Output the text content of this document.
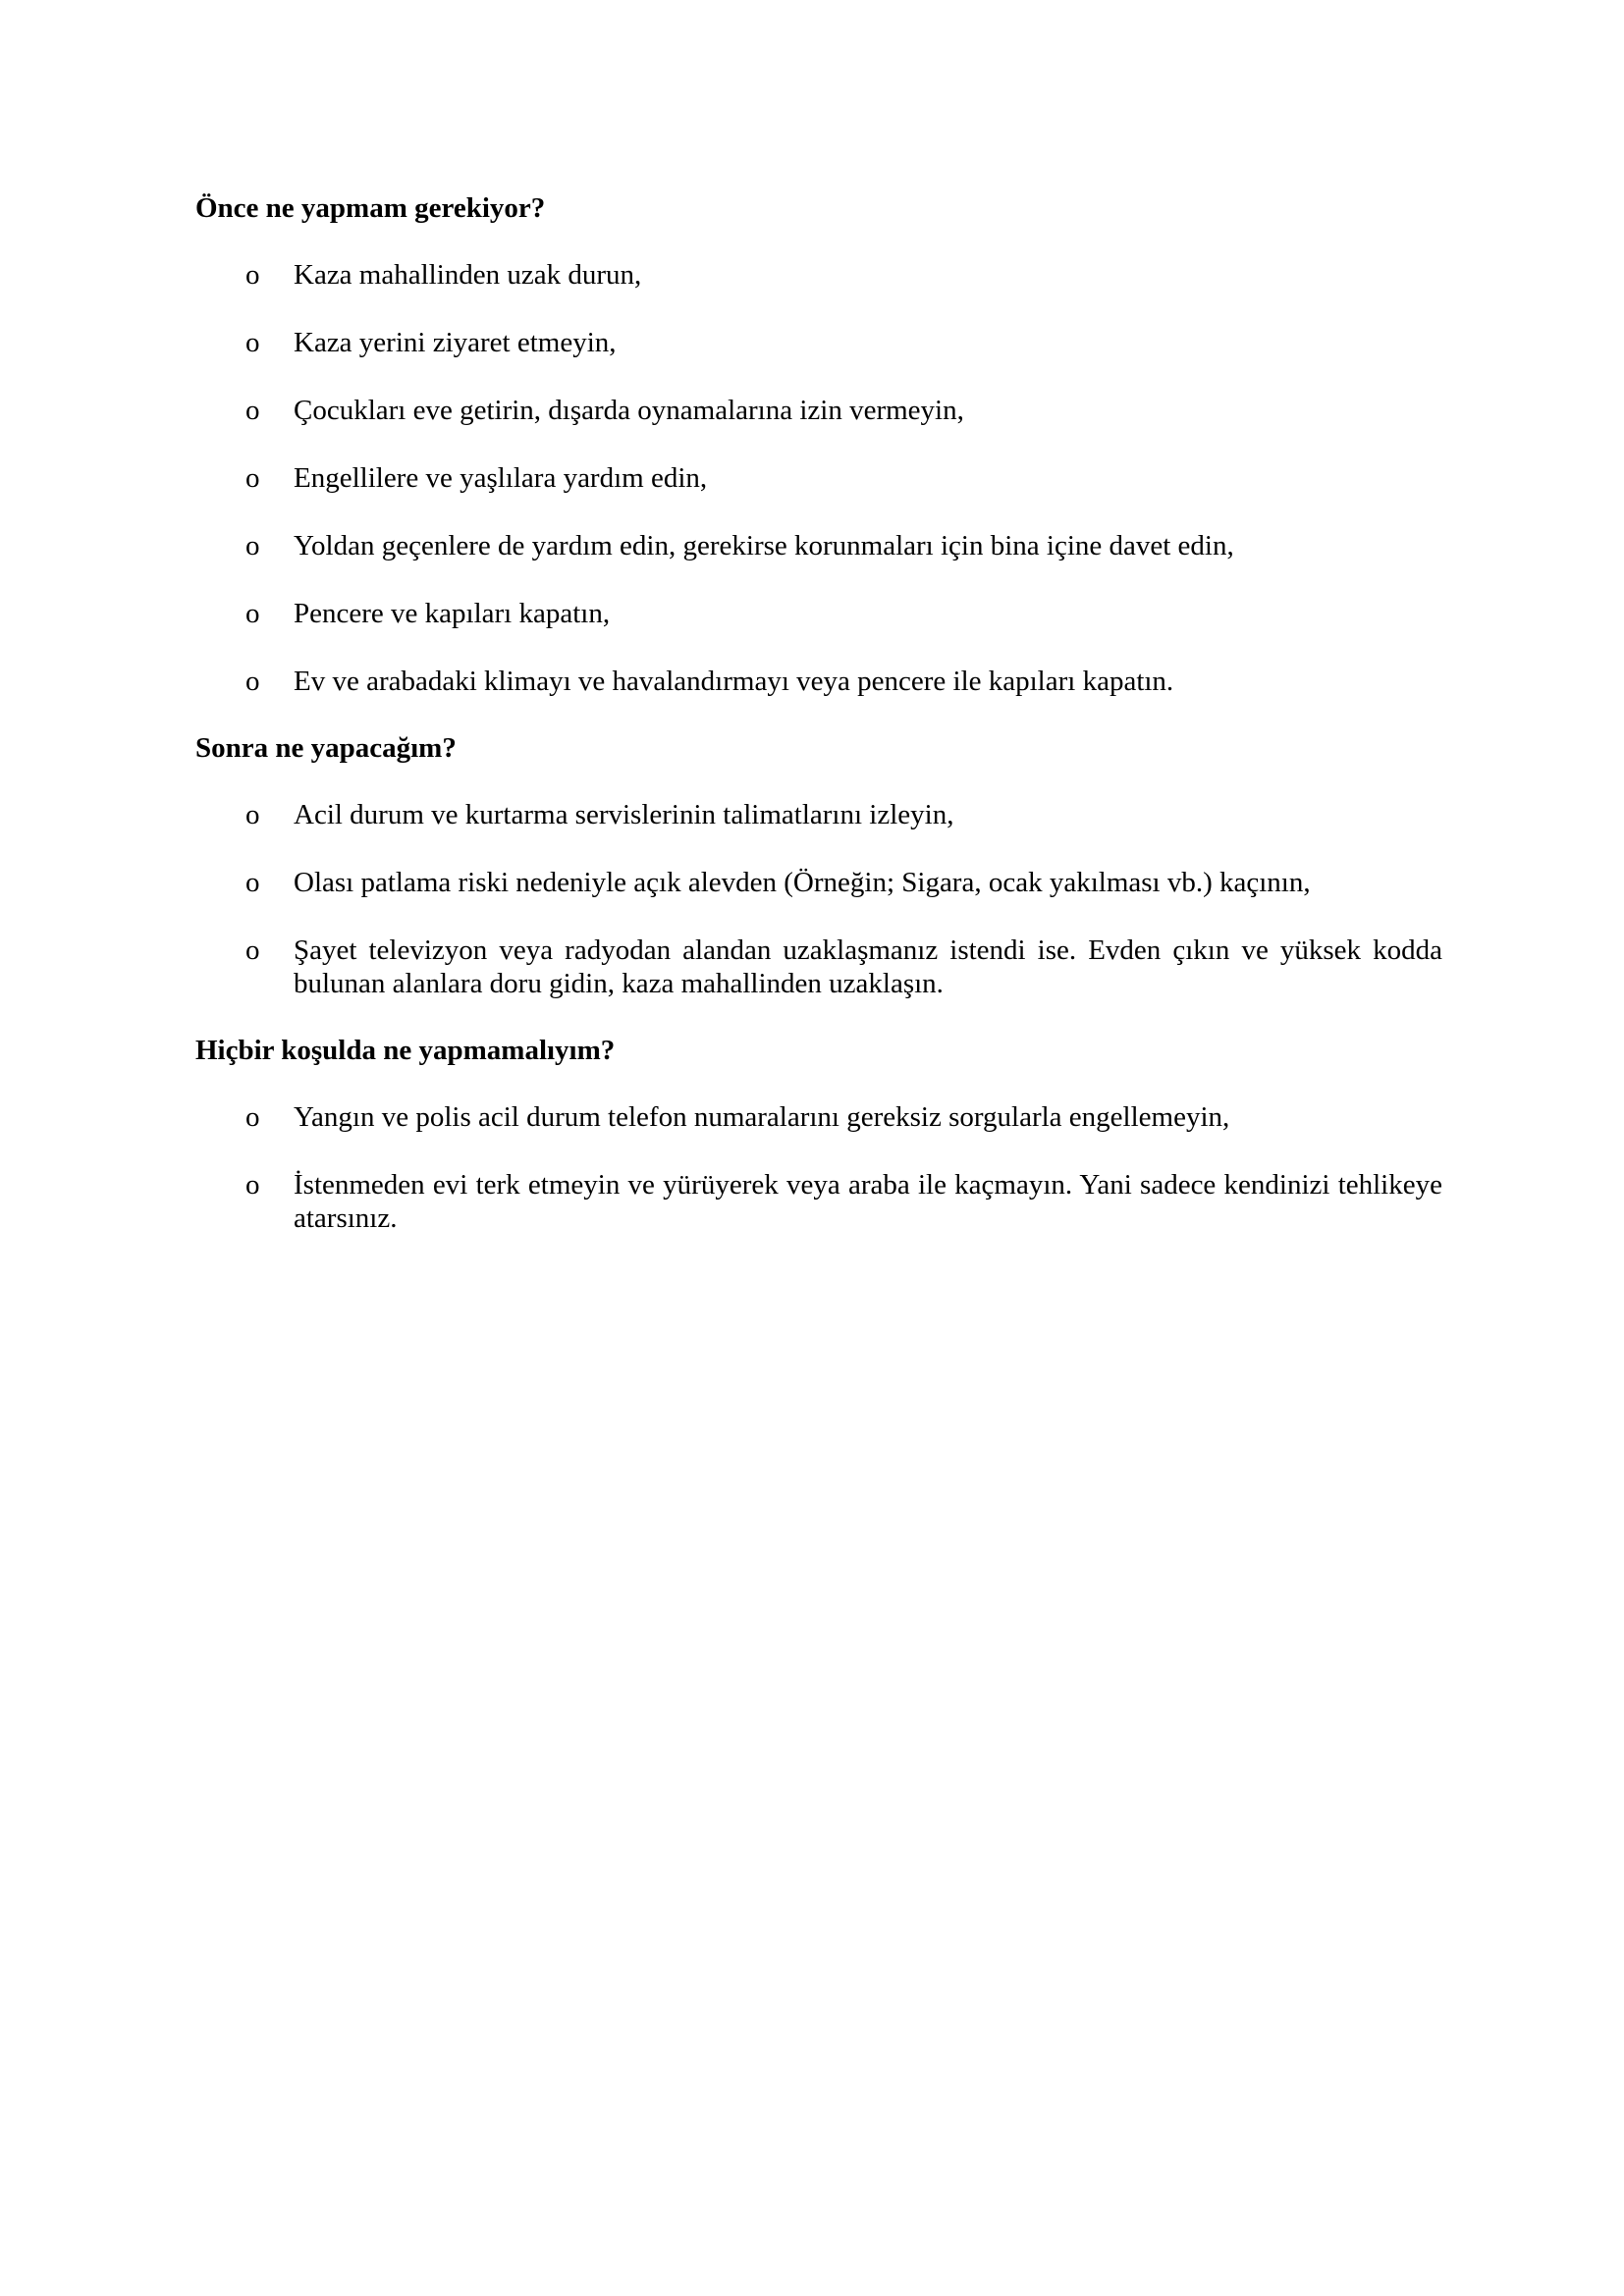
Önce ne yapmam gerekiyor?
o	Kaza mahallinden uzak durun,
o	Kaza yerini ziyaret etmeyin,
o	Çocukları eve getirin, dışarda oynamalarına izin vermeyin,
o	Engellilere ve yaşlılara yardım edin,
o	Yoldan geçenlere de yardım edin, gerekirse korunmaları için bina içine davet edin,
o	Pencere ve kapıları kapatın,
o	Ev ve arabadaki klimayı ve havalandırmayı veya pencere ile kapıları kapatın.
Sonra ne yapacağım?
o	Acil durum ve kurtarma servislerinin talimatlarını izleyin,
o	Olası patlama riski nedeniyle açık alevden (Örneğin; Sigara, ocak yakılması vb.) kaçının,
o	Şayet televizyon veya radyodan alandan uzaklaşmanız istendi ise. Evden çıkın ve yüksek kodda bulunan alanlara doru gidin, kaza mahallinden uzaklaşın.
Hiçbir koşulda ne yapmamalıyım?
o	Yangın ve polis acil durum telefon numaralarını gereksiz sorgularla engellemeyin,
o	İstenmeden evi terk etmeyin ve yürüyerek veya araba ile kaçmayın. Yani sadece kendinizi tehlikeye atarsınız.
